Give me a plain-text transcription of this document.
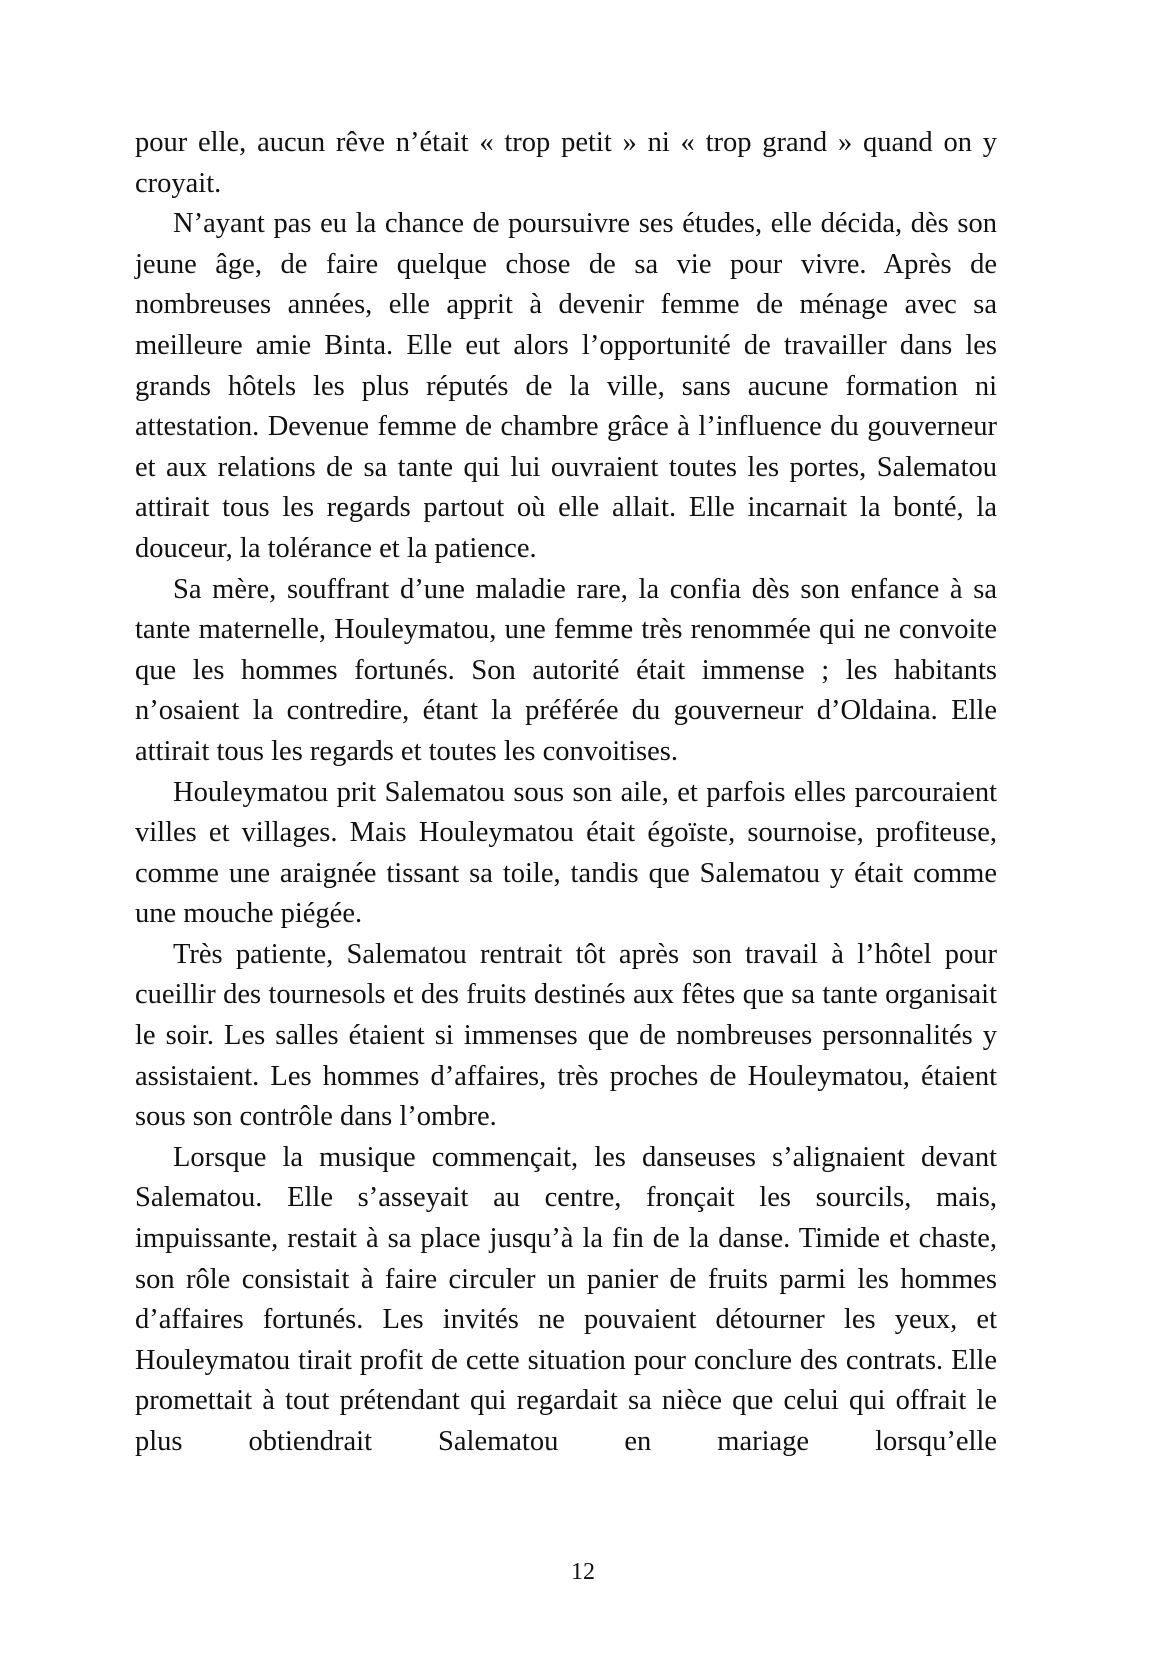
pour elle, aucun rêve n’était « trop petit » ni « trop grand » quand on y croyait.

N’ayant pas eu la chance de poursuivre ses études, elle décida, dès son jeune âge, de faire quelque chose de sa vie pour vivre. Après de nombreuses années, elle apprit à devenir femme de ménage avec sa meilleure amie Binta. Elle eut alors l’opportunité de travailler dans les grands hôtels les plus réputés de la ville, sans aucune formation ni attestation. Devenue femme de chambre grâce à l’influence du gouverneur et aux relations de sa tante qui lui ouvraient toutes les portes, Salematou attirait tous les regards partout où elle allait. Elle incarnait la bonté, la douceur, la tolérance et la patience.

Sa mère, souffrant d’une maladie rare, la confia dès son enfance à sa tante maternelle, Houleymatou, une femme très renommée qui ne convoite que les hommes fortunés. Son autorité était immense ; les habitants n’osaient la contredire, étant la préférée du gouverneur d’Oldaina. Elle attirait tous les regards et toutes les convoitises.

Houleymatou prit Salematou sous son aile, et parfois elles parcouraient villes et villages. Mais Houleymatou était égoïste, sournoise, profiteuse, comme une araignée tissant sa toile, tandis que Salematou y était comme une mouche piégée.

Très patiente, Salematou rentrait tôt après son travail à l’hôtel pour cueillir des tournesols et des fruits destinés aux fêtes que sa tante organisait le soir. Les salles étaient si immenses que de nombreuses personnalités y assistaient. Les hommes d’affaires, très proches de Houleymatou, étaient sous son contrôle dans l’ombre.

Lorsque la musique commençait, les danseuses s’alignaient devant Salematou. Elle s’asseyait au centre, fronçait les sourcils, mais, impuissante, restait à sa place jusqu’à la fin de la danse. Timide et chaste, son rôle consistait à faire circuler un panier de fruits parmi les hommes d’affaires fortunés. Les invités ne pouvaient détourner les yeux, et Houleymatou tirait profit de cette situation pour conclure des contrats. Elle promettait à tout prétendant qui regardait sa nièce que celui qui offrait le plus obtiendrait Salematou en mariage lorsqu’elle

12
